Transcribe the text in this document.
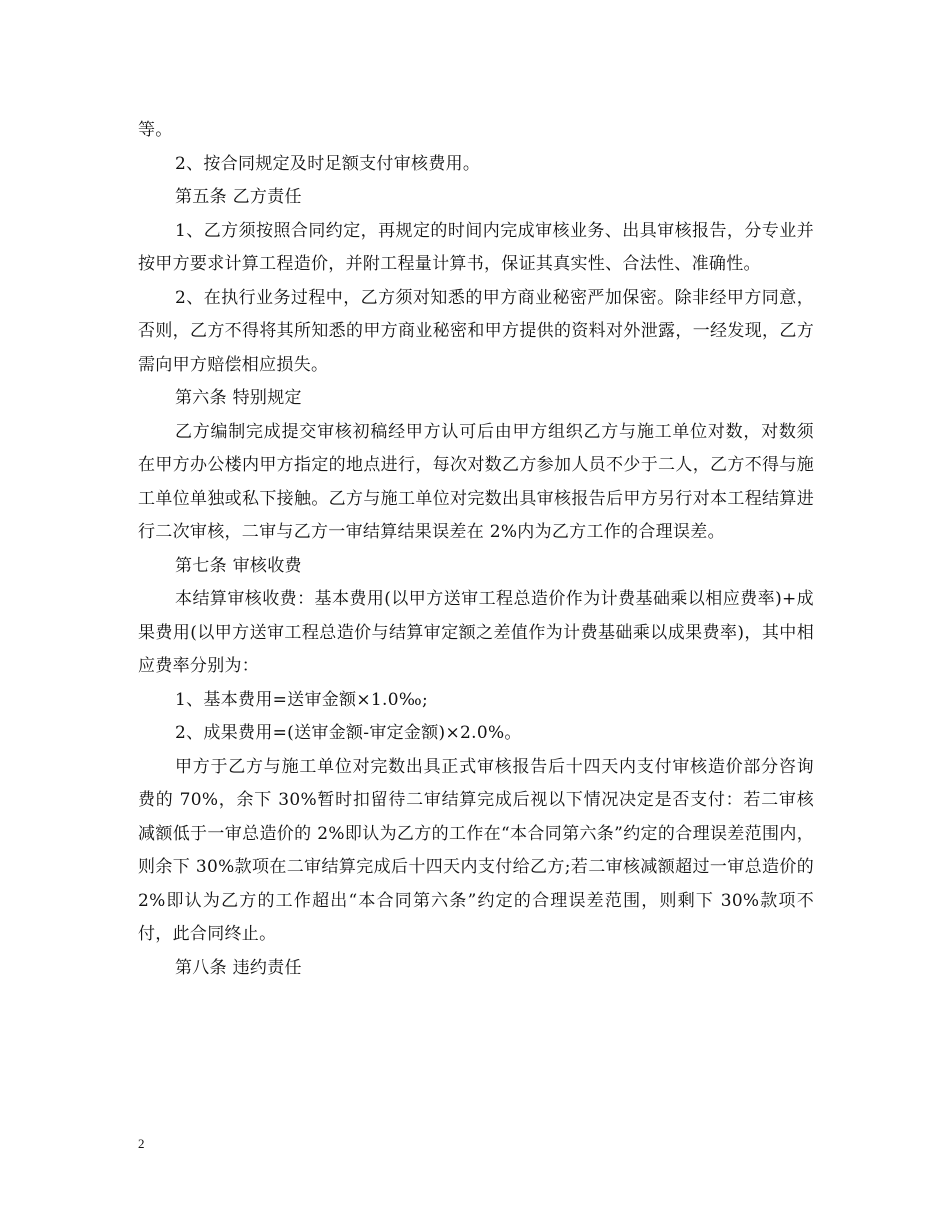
等。

2、按合同规定及时足额支付审核费用。

第五条 乙方责任

1、乙方须按照合同约定，再规定的时间内完成审核业务、出具审核报告，分专业并按甲方要求计算工程造价，并附工程量计算书，保证其真实性、合法性、准确性。

2、在执行业务过程中，乙方须对知悉的甲方商业秘密严加保密。除非经甲方同意，否则，乙方不得将其所知悉的甲方商业秘密和甲方提供的资料对外泄露，一经发现，乙方需向甲方赔偿相应损失。

第六条 特别规定

乙方编制完成提交审核初稿经甲方认可后由甲方组织乙方与施工单位对数，对数须在甲方办公楼内甲方指定的地点进行，每次对数乙方参加人员不少于二人，乙方不得与施工单位单独或私下接触。乙方与施工单位对完数出具审核报告后甲方另行对本工程结算进行二次审核，二审与乙方一审结算结果误差在 2%内为乙方工作的合理误差。

第七条 审核收费

本结算审核收费：基本费用(以甲方送审工程总造价作为计费基础乘以相应费率)+成果费用(以甲方送审工程总造价与结算审定额之差值作为计费基础乘以成果费率)，其中相应费率分别为：

1、基本费用=送审金额×1.0‰;

2、成果费用=(送审金额-审定金额)×2.0%。

甲方于乙方与施工单位对完数出具正式审核报告后十四天内支付审核造价部分咨询费的 70%，余下 30%暂时扣留待二审结算完成后视以下情况决定是否支付：若二审核减额低于一审总造价的 2%即认为乙方的工作在“本合同第六条”约定的合理误差范围内，则余下 30%款项在二审结算完成后十四天内支付给乙方;若二审核减额超过一审总造价的 2%即认为乙方的工作超出“本合同第六条”约定的合理误差范围，则剩下 30%款项不付，此合同终止。

第八条 违约责任

2
